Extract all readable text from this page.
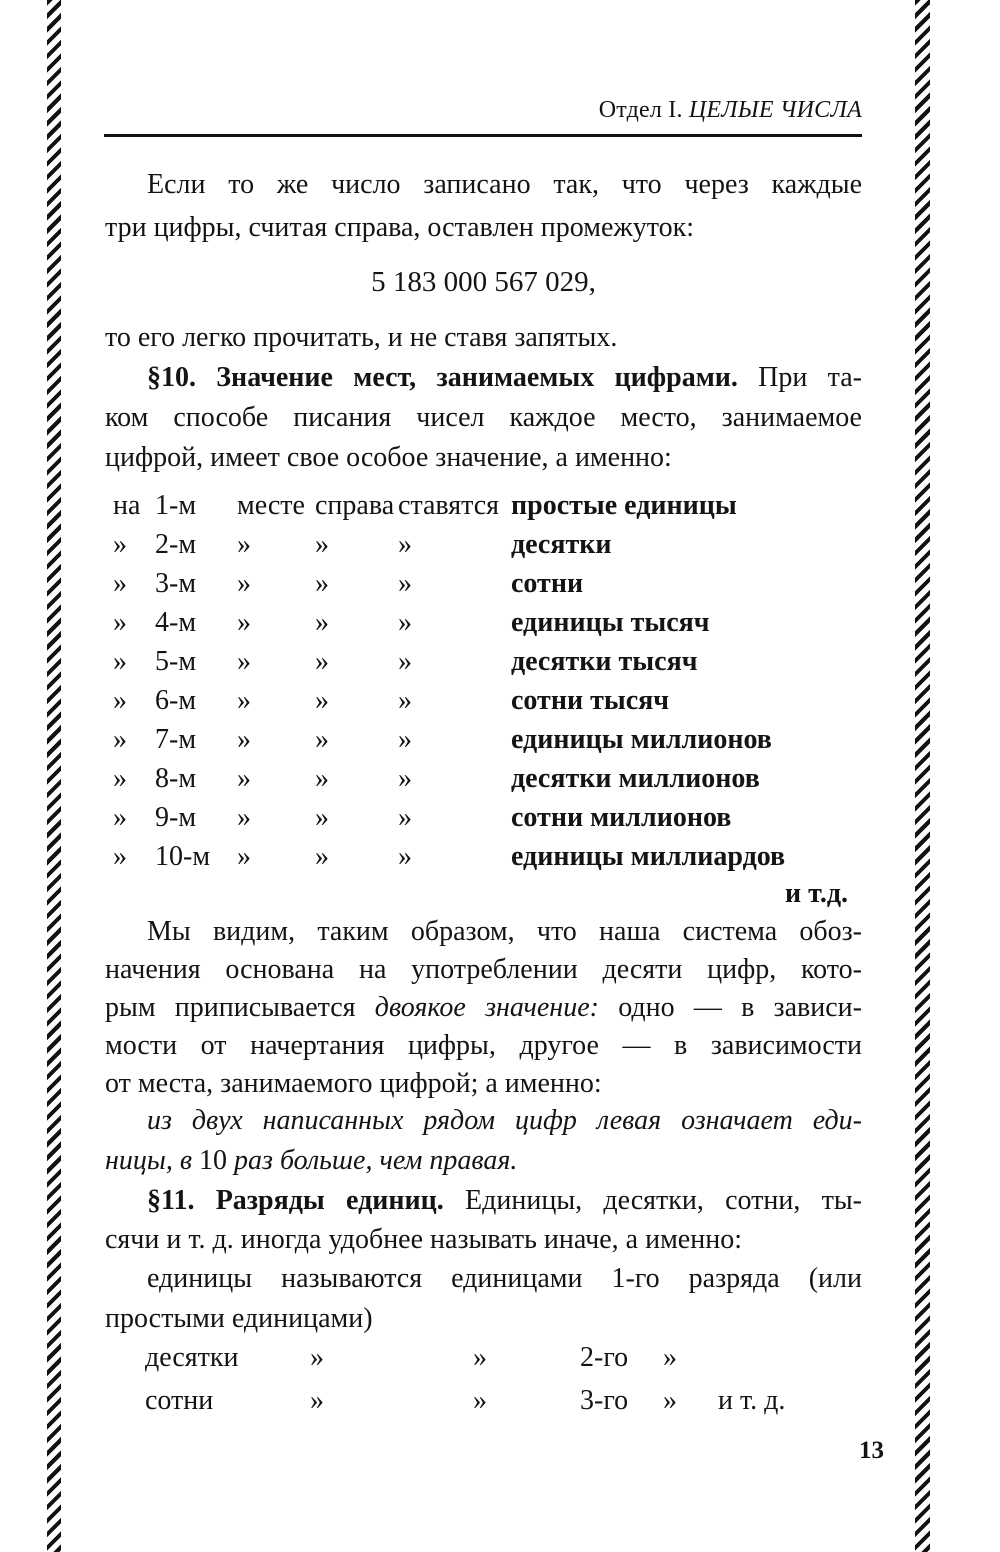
Отдел I. ЦЕЛЫЕ ЧИСЛА
Если то же число записано так, что через каждые
три цифры, считая справа, оставлен промежуток:
5 183 000 567 029,
то его легко прочитать, и не ставя запятых.
§10. Значение мест, занимаемых цифрами. При та-
ком способе писания чисел каждое место, занимаемое
цифрой, имеет свое особое значение, а именно:
на 1-м	месте справа ставятся простые единицы
»	2-м	»	»	»	десятки
»	3-м	»	»	»	сотни
»	4-м	»	»	»	единицы тысяч
»	5-м	»	»	»	десятки тысяч
»	6-м	»	»	»	сотни тысяч
»	7-м	»	»	»	единицы миллионов
»	8-м	»	»	»	десятки миллионов
»	9-м	»	»	»	сотни миллионов
»	10-м »	»	»	единицы миллиардов
и т.д.
Мы видим, таким образом, что наша система обоз-
начения основана на употреблении десяти цифр, кото-
рым приписывается двоякое значение: одно — в зависи-
мости от начертания цифры, другое — в зависимости
от места, занимаемого цифрой; а именно:
из двух написанных рядом цифр левая означает еди-
ницы, в 10 раз больше, чем правая.
§11. Разряды единиц. Единицы, десятки, сотни, ты-
сячи и т. д. иногда удобнее называть иначе, а именно:
единицы называются единицами 1-го разряда (или
простыми единицами)
десятки	»	»	2-го	»
сотни	»	»	3-го	»	и т. д.
13
